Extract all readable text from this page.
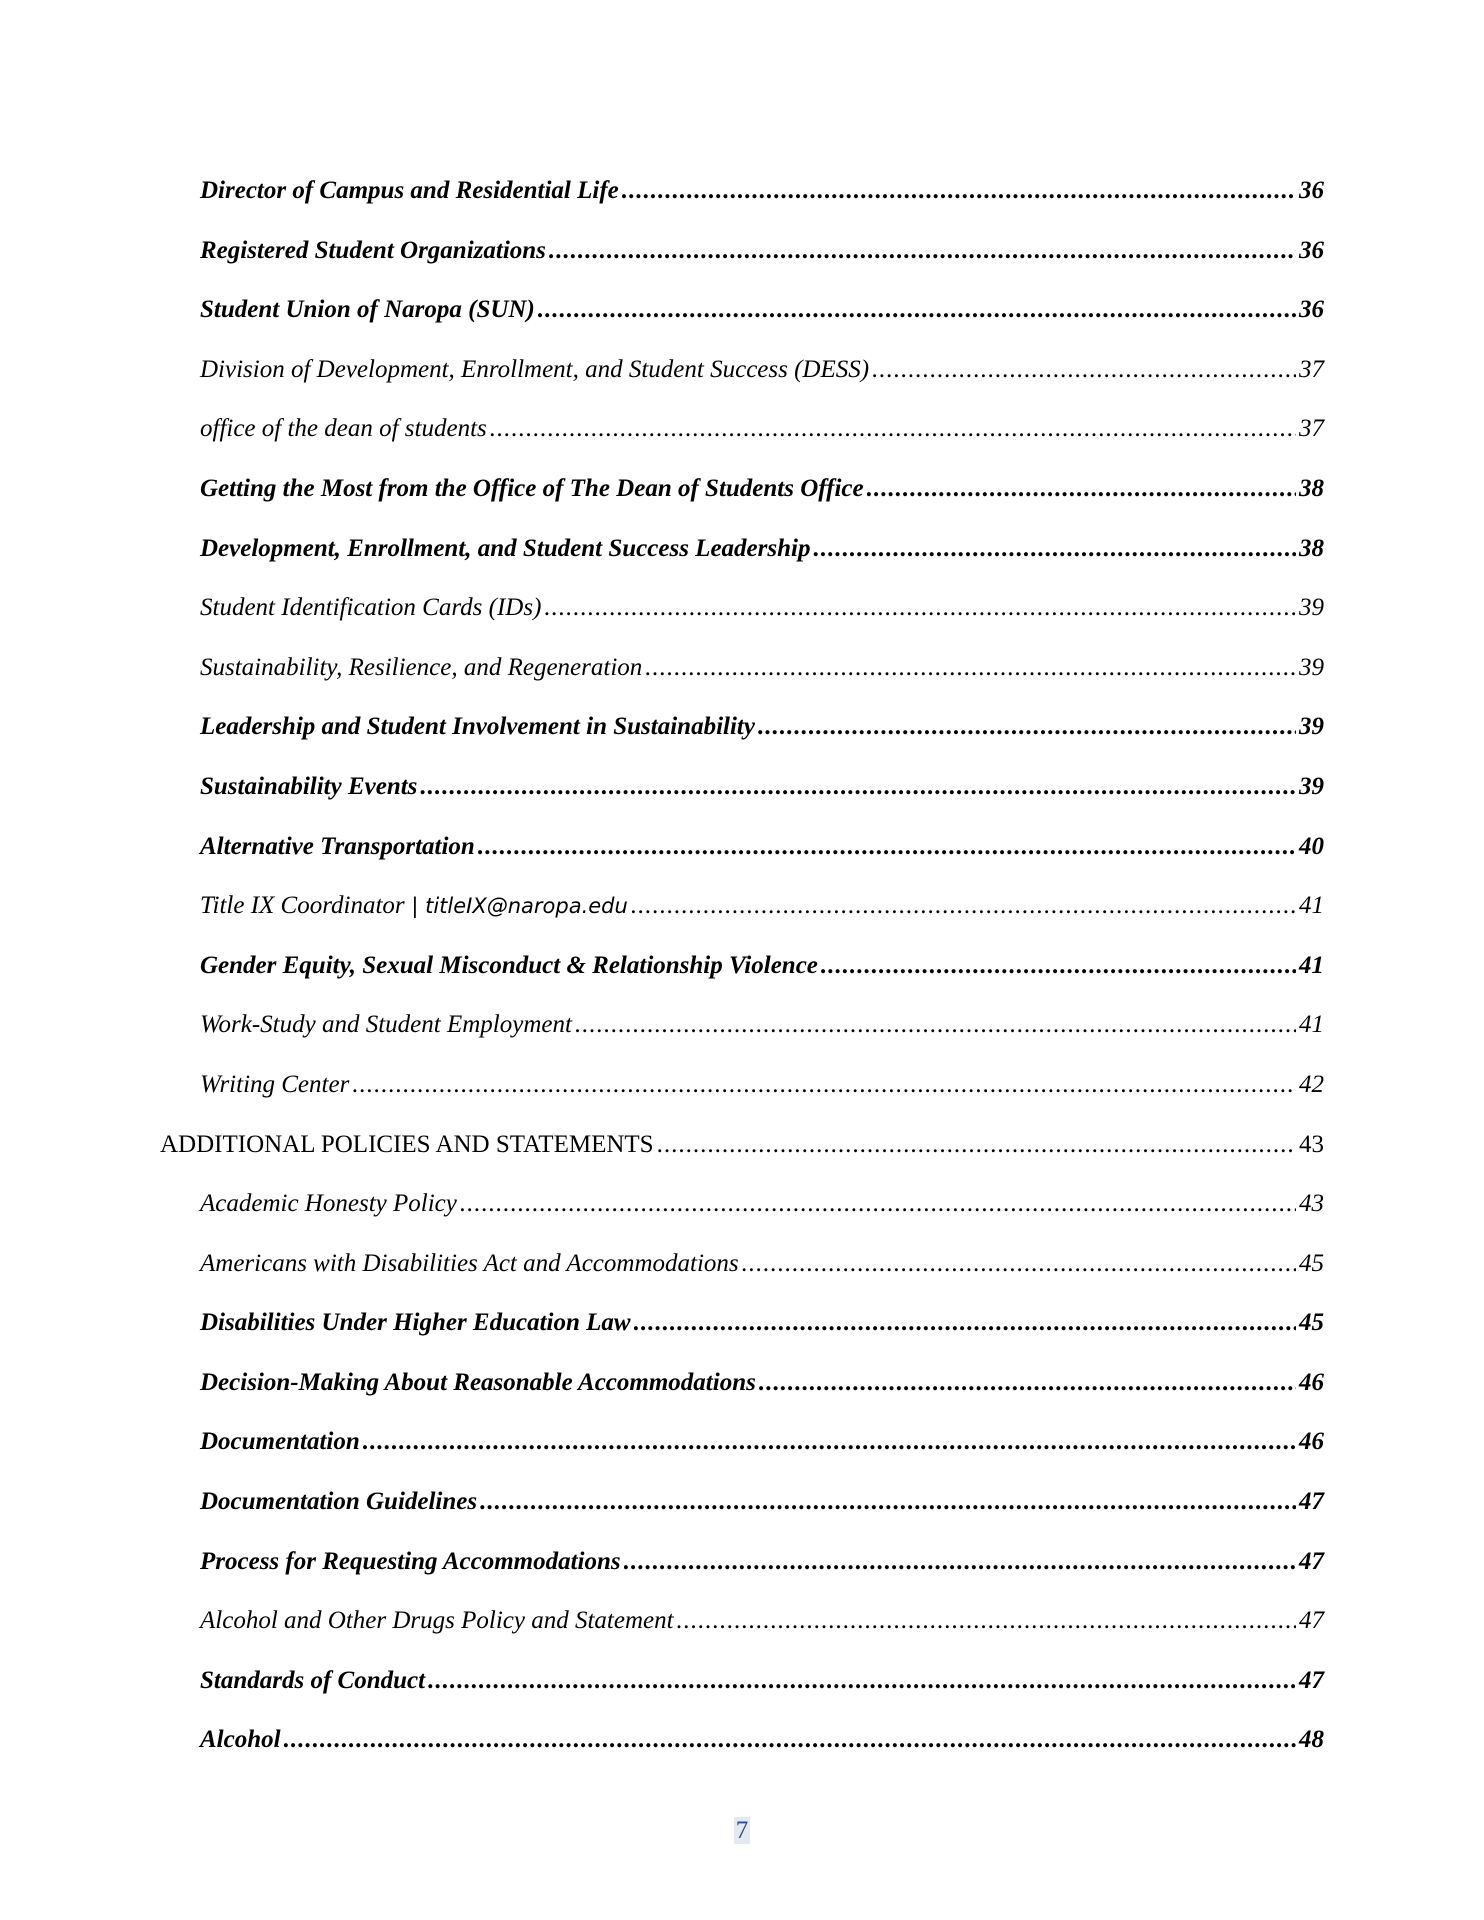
Director of Campus and Residential Life .....	36
Registered Student Organizations .....	36
Student Union of Naropa (SUN) .....	36
Division of Development, Enrollment, and Student Success (DESS) .....	37
office of the dean of students .....	37
Getting the Most from the Office of The Dean of Students Office .....	38
Development, Enrollment, and Student Success Leadership .....	38
Student Identification Cards (IDs) .....	39
Sustainability, Resilience, and Regeneration .....	39
Leadership and Student Involvement in Sustainability .....	39
Sustainability Events .....	39
Alternative Transportation .....	40
Title IX Coordinator | titleIX@naropa.edu .....	41
Gender Equity, Sexual Misconduct & Relationship Violence .....	41
Work-Study and Student Employment .....	41
Writing Center .....	42
ADDITIONAL POLICIES AND STATEMENTS .....	43
Academic Honesty Policy .....	43
Americans with Disabilities Act and Accommodations .....	45
Disabilities Under Higher Education Law .....	45
Decision-Making About Reasonable Accommodations .....	46
Documentation .....	46
Documentation Guidelines .....	47
Process for Requesting Accommodations .....	47
Alcohol and Other Drugs Policy and Statement .....	47
Standards of Conduct .....	47
Alcohol .....	48
7
